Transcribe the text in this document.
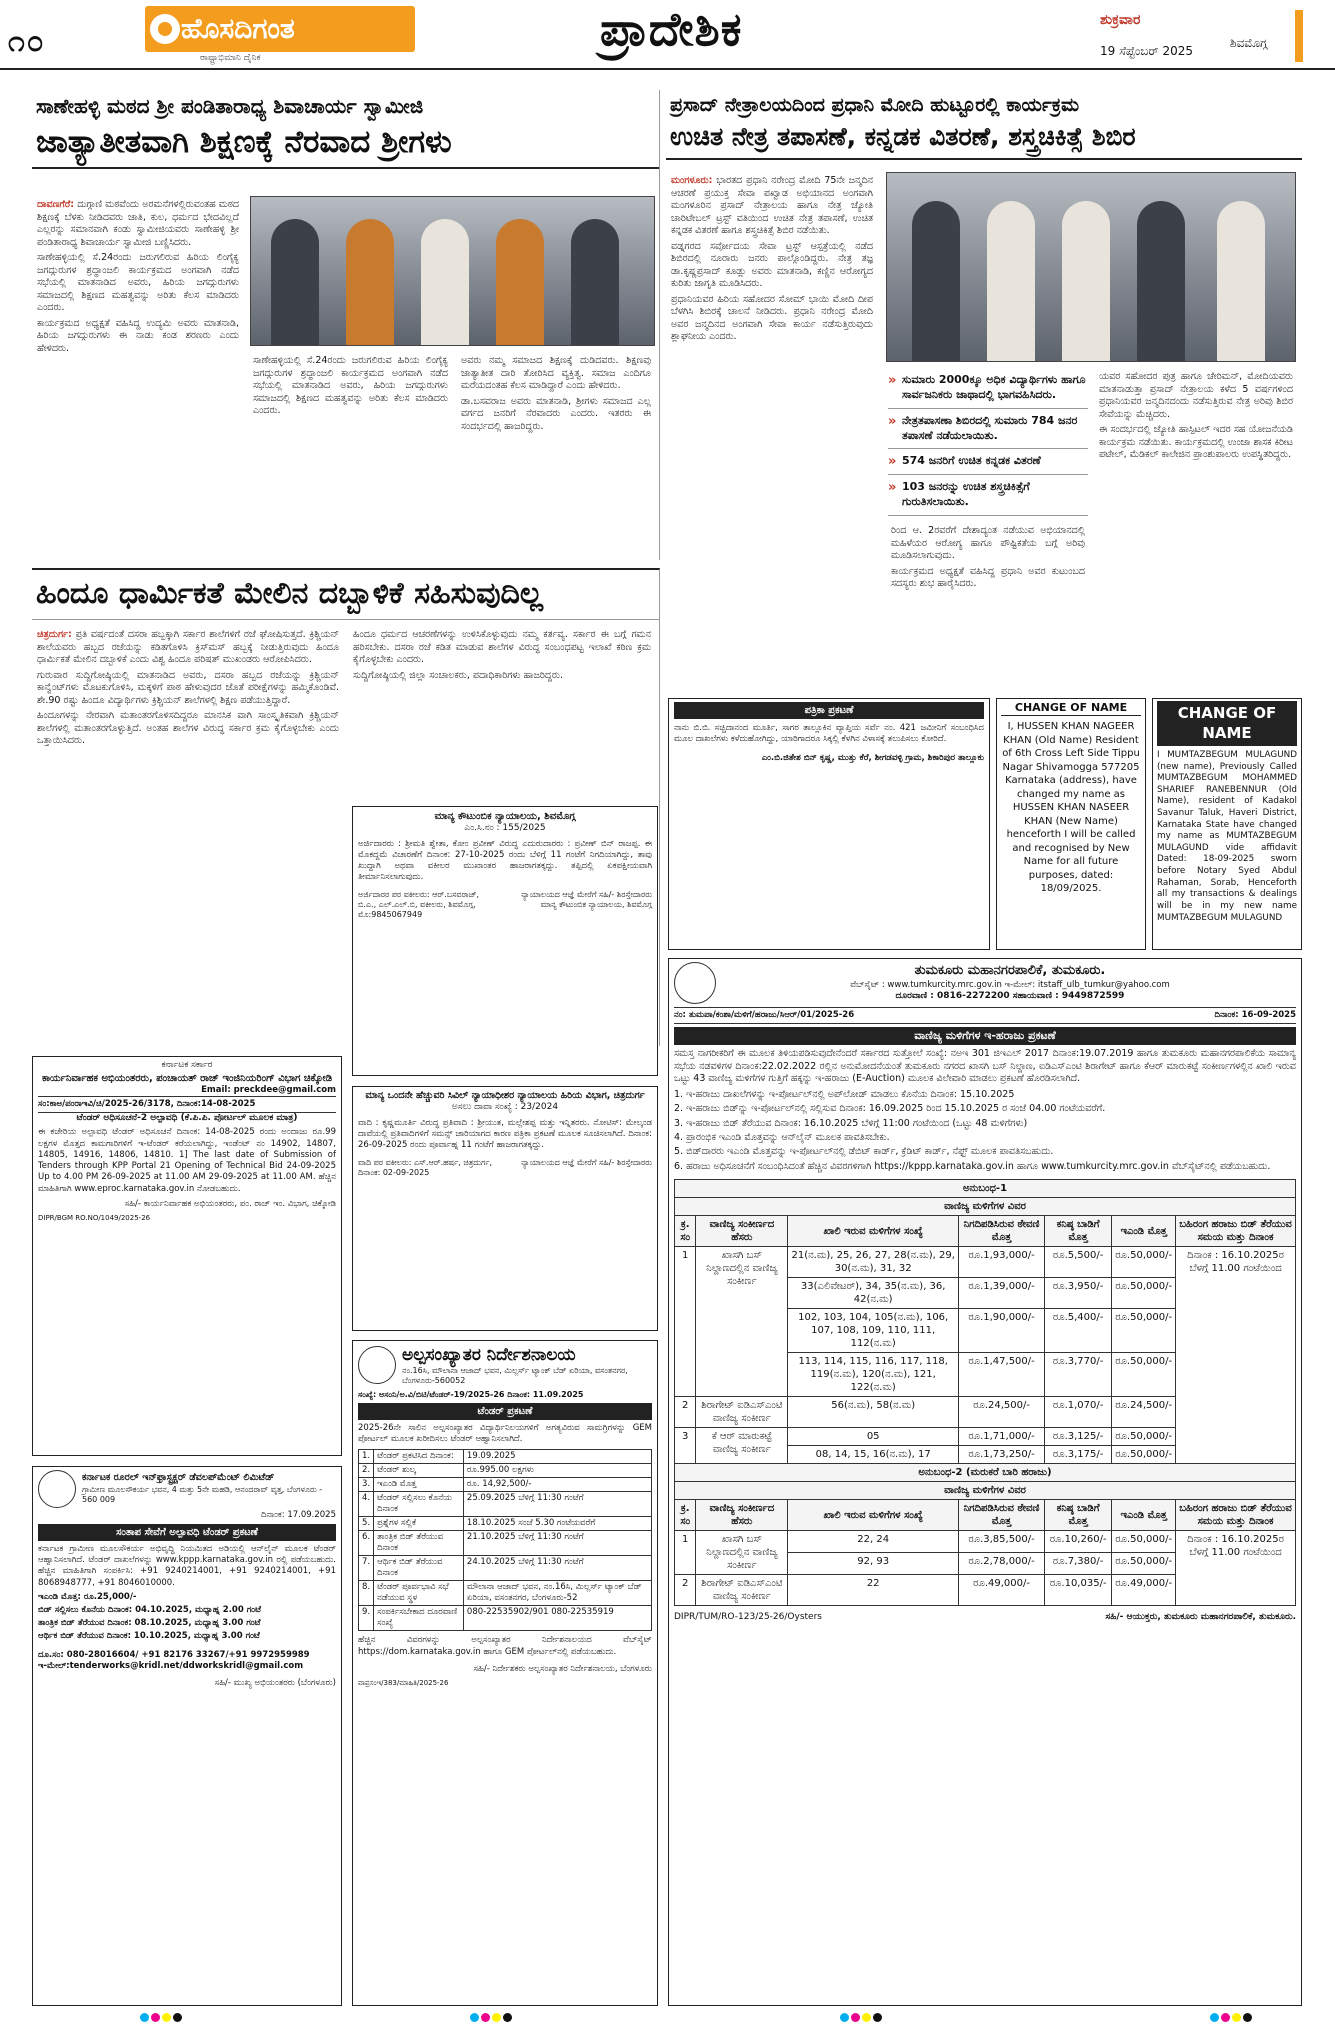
೧೦	ಹೊಸದಿಗಂತ
ರಾಷ್ಟ್ರಾಭಿಮಾನಿ ದೈನಿಕ
ಪ್ರಾದೇಶಿಕ	ಶುಕ್ರವಾರ
19 ಸೆಪ್ಟೆಂಬರ್ 2025
ಶಿವಮೊಗ್ಗ
ಸಾಣೇಹಳ್ಳಿ ಮಠದ ಶ್ರೀ ಪಂಡಿತಾರಾಧ್ಯ ಶಿವಾಚಾರ್ಯ ಸ್ವಾಮೀಜಿ
ಜಾತ್ಯಾತೀತವಾಗಿ ಶಿಕ್ಷಣಕ್ಕೆ ನೆರವಾದ ಶ್ರೀಗಳು

ದಾವಣಗೆರೆ: ದುಗ್ಗಾಣಿ ಮಠವೆಂದು ಅರಮನೆಗಳಲ್ಲಿರುವಂತಹ ಮಠದ ಶಿಕ್ಷಣಕ್ಕೆ ಬೆಳಕು ನೀಡಿದವರು ಜಾತಿ, ಕುಲ, ಧರ್ಮದ ಭೇದವಿಲ್ಲದೆ ಎಲ್ಲರನ್ನು ಸಮಾನವಾಗಿ ಕಂಡು ಸ್ವಾಮೀಜಿಯವರು ಸಾಣೇಹಳ್ಳಿ ಶ್ರೀ ಪಂಡಿತಾರಾಧ್ಯ ಶಿವಾಚಾರ್ಯ ಸ್ವಾಮೀಜಿ ಬಣ್ಣಿಸಿದರು.

ಸಾಣೇಹಳ್ಳಿಯಲ್ಲಿ ಸೆ.24ರಂದು ಜರುಗಲಿರುವ ಹಿರಿಯ ಲಿಂಗೈಕ್ಯ ಜಗದ್ಗುರುಗಳ ಶ್ರದ್ಧಾಂಜಲಿ ಕಾರ್ಯಕ್ರಮದ ಅಂಗವಾಗಿ ನಡೆದ ಸಭೆಯಲ್ಲಿ ಮಾತನಾಡಿದ ಅವರು, ಹಿರಿಯ ಜಗದ್ಗುರುಗಳು ಸಮಾಜದಲ್ಲಿ ಶಿಕ್ಷಣದ ಮಹತ್ವವನ್ನು ಅರಿತು ಕೆಲಸ ಮಾಡಿದರು ಎಂದರು.

ಕಾರ್ಯಕ್ರಮದ ಅಧ್ಯಕ್ಷತೆ ವಹಿಸಿದ್ದ ಉದ್ಯಮಿ ಅವರು ಮಾತನಾಡಿ, ಹಿರಿಯ ಜಗದ್ಗುರುಗಳು ಈ ನಾಡು ಕಂಡ ಶರಣರು ಎಂದು ಹೇಳಿದರು.

ಸಾಣೇಹಳ್ಳಿಯಲ್ಲಿ ಸೆ.24ರಂದು ಜರುಗಲಿರುವ ಹಿರಿಯ ಲಿಂಗೈಕ್ಯ ಜಗದ್ಗುರುಗಳ ಶ್ರದ್ಧಾಂಜಲಿ ಕಾರ್ಯಕ್ರಮದ ಅಂಗವಾಗಿ ನಡೆದ ಸಭೆಯಲ್ಲಿ ಮಾತನಾಡಿದ ಅವರು, ಹಿರಿಯ ಜಗದ್ಗುರುಗಳು ಸಮಾಜದಲ್ಲಿ ಶಿಕ್ಷಣದ ಮಹತ್ವವನ್ನು ಅರಿತು ಕೆಲಸ ಮಾಡಿದರು ಎಂದರು.

ಅವರು ನಮ್ಮ ಸಮಾಜದ ಶಿಕ್ಷಣಕ್ಕೆ ದುಡಿದವರು. ಶಿಕ್ಷಣವು ಜಾತ್ಯಾತೀತ ದಾರಿ ತೋರಿಸಿದ ವ್ಯಕ್ತಿತ್ವ. ಸಮಾಜ ಎಂದಿಗೂ ಮರೆಯದಂತಹ ಕೆಲಸ ಮಾಡಿದ್ದಾರೆ ಎಂದು ಹೇಳಿದರು.

ಡಾ.ಬಸವರಾಜ ಅವರು ಮಾತನಾಡಿ, ಶ್ರೀಗಳು ಸಮಾಜದ ಎಲ್ಲ ವರ್ಗದ ಜನರಿಗೆ ನೆರವಾದರು ಎಂದರು. ಇತರರು ಈ ಸಂದರ್ಭದಲ್ಲಿ ಹಾಜರಿದ್ದರು.

ಪ್ರಸಾದ್ ನೇತ್ರಾಲಯದಿಂದ ಪ್ರಧಾನಿ ಮೋದಿ ಹುಟ್ಟೂರಲ್ಲಿ ಕಾರ್ಯಕ್ರಮ
ಉಚಿತ ನೇತ್ರ ತಪಾಸಣೆ, ಕನ್ನಡಕ ವಿತರಣೆ, ಶಸ್ತ್ರಚಿಕಿತ್ಸೆ ಶಿಬಿರ

ಮಂಗಳೂರು: ಭಾರತದ ಪ್ರಧಾನಿ ನರೇಂದ್ರ ಮೋದಿ 75ನೇ ಜನ್ಮದಿನ ಆಚರಣೆ ಪ್ರಯುಕ್ತ ಸೇವಾ ಪಖ್ವಾಡ ಅಭಿಯಾನದ ಅಂಗವಾಗಿ ಮಂಗಳೂರಿನ ಪ್ರಸಾದ್ ನೇತ್ರಾಲಯ ಹಾಗೂ ನೇತ್ರ ಜ್ಯೋತಿ ಚಾರಿಟೇಬಲ್ ಟ್ರಸ್ಟ್ ವತಿಯಿಂದ ಉಚಿತ ನೇತ್ರ ತಪಾಸಣೆ, ಉಚಿತ ಕನ್ನಡಕ ವಿತರಣೆ ಹಾಗೂ ಶಸ್ತ್ರಚಿಕಿತ್ಸೆ ಶಿಬಿರ ನಡೆಯಿತು.

ವಡ್ನಗರದ ಸರ್ವೋದಯ ಸೇವಾ ಟ್ರಸ್ಟ್ ಆಸ್ಪತ್ರೆಯಲ್ಲಿ ನಡೆದ ಶಿಬಿರದಲ್ಲಿ ನೂರಾರು ಜನರು ಪಾಲ್ಗೊಂಡಿದ್ದರು. ನೇತ್ರ ತಜ್ಞ ಡಾ.ಕೃಷ್ಣಪ್ರಸಾದ್ ಕೂಡ್ಲು ಅವರು ಮಾತನಾಡಿ, ಕಣ್ಣಿನ ಆರೋಗ್ಯದ ಕುರಿತು ಜಾಗೃತಿ ಮೂಡಿಸಿದರು.

ಪ್ರಧಾನಿಯವರ ಹಿರಿಯ ಸಹೋದರ ಸೋಮ್ ಭಾಯಿ ಮೋದಿ ದೀಪ ಬೆಳಗಿಸಿ ಶಿಬಿರಕ್ಕೆ ಚಾಲನೆ ನೀಡಿದರು. ಪ್ರಧಾನಿ ನರೇಂದ್ರ ಮೋದಿ ಅವರ ಜನ್ಮದಿನದ ಅಂಗವಾಗಿ ಸೇವಾ ಕಾರ್ಯ ನಡೆಸುತ್ತಿರುವುದು ಶ್ಲಾಘನೀಯ ಎಂದರು.

» ಸುಮಾರು 2000ಕ್ಕೂ ಅಧಿಕ ವಿದ್ಯಾರ್ಥಿಗಳು ಹಾಗೂ ಸಾರ್ವಜನಿಕರು ಜಾಥಾದಲ್ಲಿ ಭಾಗವಹಿಸಿದರು.
» ನೇತ್ರತಪಾಸಣಾ ಶಿಬಿರದಲ್ಲಿ ಸುಮಾರು 784 ಜನರ ತಪಾಸಣೆ ನಡೆಯಲಾಯಿತು.
» 574 ಜನರಿಗೆ ಉಚಿತ ಕನ್ನಡಕ ವಿತರಣೆ
» 103 ಜನರನ್ನು ಉಚಿತ ಶಸ್ತ್ರಚಿಕಿತ್ಸೆಗೆ ಗುರುತಿಸಲಾಯಿತು.

ಯವರ ಸಹೋದರ ಪುತ್ರ ಹಾಗೂ ಚೇರಿಮನ್, ಮೋದಿಯವರು ಮಾತನಾಡುತ್ತಾ ಪ್ರಸಾದ್ ನೇತ್ರಾಲಯ ಕಳೆದ 5 ವರ್ಷಗಳಿಂದ ಪ್ರಧಾನಿಯವರ ಜನ್ಮದಿನದಂದು ನಡೆಸುತ್ತಿರುವ ನೇತ್ರ ಅರಿವು ಶಿಬಿರ ಸೇವೆಯನ್ನು ಮೆಚ್ಚಿದರು.

ಈ ಸಂದರ್ಭದಲ್ಲಿ ಜ್ಯೋತಿ ಹಾಸ್ಪಿಟಲ್ ಇದರ ಸಹ ಯೋಜನೆಯಡಿ ಕಾರ್ಯಕ್ರಮ ನಡೆಯಿತು. ಕಾರ್ಯಕ್ರಮದಲ್ಲಿ ಉಂಜಾ ಶಾಸಕ ಕಿರೀಟ ಪಟೇಲ್, ಮೆಡಿಕಲ್ ಕಾಲೇಜಿನ ಪ್ರಾಂಶುಪಾಲರು ಉಪಸ್ಥಿತರಿದ್ದರು.

ರಿಂದ ಆ. 2ರವರೆಗೆ ದೇಶಾದ್ಯಂತ ನಡೆಯುವ ಅಭಿಯಾನದಲ್ಲಿ ಮಹಿಳೆಯರ ಆರೋಗ್ಯ ಹಾಗೂ ಪೌಷ್ಟಿಕತೆಯ ಬಗ್ಗೆ ಅರಿವು ಮೂಡಿಸಲಾಗುವುದು.

ಕಾರ್ಯಕ್ರಮದ ಅಧ್ಯಕ್ಷತೆ ವಹಿಸಿದ್ದ ಪ್ರಧಾನಿ ಅವರ ಕುಟುಂಬದ ಸದಸ್ಯರು ಶುಭ ಹಾರೈಸಿದರು.

ಹಿಂದೂ ಧಾರ್ಮಿಕತೆ ಮೇಲಿನ ದಬ್ಬಾಳಿಕೆ ಸಹಿಸುವುದಿಲ್ಲ

ಚಿತ್ರದುರ್ಗ: ಪ್ರತಿ ವರ್ಷದಂತೆ ದಸರಾ ಹಬ್ಬಕ್ಕಾಗಿ ಸರ್ಕಾರ ಶಾಲೆಗಳಿಗೆ ರಜೆ ಘೋಷಿಸುತ್ತದೆ. ಕ್ರಿಶ್ಚಿಯನ್ ಶಾಲೆಯವರು ಹಬ್ಬದ ರಜೆಯನ್ನು ಕಡಿತಗೊಳಿಸಿ ಕ್ರಿಸ್‌ಮಸ್ ಹಬ್ಬಕ್ಕೆ ನೀಡುತ್ತಿರುವುದು ಹಿಂದೂ ಧಾರ್ಮಿಕತೆ ಮೇಲಿನ ದಬ್ಬಾಳಿಕೆ ಎಂದು ವಿಶ್ವ ಹಿಂದೂ ಪರಿಷತ್ ಮುಖಂಡರು ಆರೋಪಿಸಿದರು.

ಗುರುವಾರ ಸುದ್ದಿಗೋಷ್ಠಿಯಲ್ಲಿ ಮಾತನಾಡಿದ ಅವರು, ದಸರಾ ಹಬ್ಬದ ರಜೆಯನ್ನು ಕ್ರಿಶ್ಚಿಯನ್ ಕಾನ್ವೆಂಟ್‌ಗಳು ಮೊಟಕುಗೊಳಿಸಿ, ಮಕ್ಕಳಿಗೆ ಪಾಠ ಹೇಳುವುದರ ಜೊತೆ ಪರೀಕ್ಷೆಗಳನ್ನು ಹಮ್ಮಿಕೊಂಡಿವೆ. ಶೇ.90 ರಷ್ಟು ಹಿಂದೂ ವಿದ್ಯಾರ್ಥಿಗಳು ಕ್ರಿಶ್ಚಿಯನ್ ಶಾಲೆಗಳಲ್ಲಿ ಶಿಕ್ಷಣ ಪಡೆಯುತ್ತಿದ್ದಾರೆ.

ಹಿಂದೂಗಳನ್ನು ನೇರವಾಗಿ ಮತಾಂತರಗೊಳಿಸದಿದ್ದರೂ ಮಾನಸಿಕ ವಾಗಿ ಸಾಂಸ್ಕೃತಿಕವಾಗಿ ಕ್ರಿಶ್ಚಿಯನ್ ಶಾಲೆಗಳಲ್ಲಿ ಮತಾಂತರಗೊಳ್ಳುತ್ತಿದೆ. ಅಂತಹ ಶಾಲೆಗಳ ವಿರುದ್ಧ ಸರ್ಕಾರ ಕ್ರಮ ಕೈಗೊಳ್ಳಬೇಕು ಎಂದು ಒತ್ತಾಯಿಸಿದರು.

ಹಿಂದೂ ಧರ್ಮದ ಆಚರಣೆಗಳನ್ನು ಉಳಿಸಿಕೊಳ್ಳುವುದು ನಮ್ಮ ಕರ್ತವ್ಯ. ಸರ್ಕಾರ ಈ ಬಗ್ಗೆ ಗಮನ ಹರಿಸಬೇಕು. ದಸರಾ ರಜೆ ಕಡಿತ ಮಾಡುವ ಶಾಲೆಗಳ ವಿರುದ್ಧ ಸಂಬಂಧಪಟ್ಟ ಇಲಾಖೆ ಕಠಿಣ ಕ್ರಮ ಕೈಗೊಳ್ಳಬೇಕು ಎಂದರು.

ಸುದ್ದಿಗೋಷ್ಠಿಯಲ್ಲಿ ಜಿಲ್ಲಾ ಸಂಚಾಲಕರು, ಪದಾಧಿಕಾರಿಗಳು ಹಾಜರಿದ್ದರು.

ಮಾನ್ಯ ಕೌಟುಂಬಿಕ ನ್ಯಾಯಾಲಯ, ಶಿವಮೊಗ್ಗ
ಎಂ.ಸಿ.ನಂ : 155/2025

ಅರ್ಜಿದಾರರು : ಶ್ರೀಮತಿ ಶ್ವೇತಾ, ಕೋಂ ಪ್ರವೀಣ್ ವಿರುದ್ಧ ಎದುರುದಾರರು : ಪ್ರವೀಣ್ ಬಿನ್ ರಾಜಪ್ಪ. ಈ ಮೊಕದ್ದಮೆ ವಿಚಾರಣೆಗೆ ದಿನಾಂಕ: 27-10-2025 ರಂದು ಬೆಳಿಗ್ಗೆ 11 ಗಂಟೆಗೆ ನಿಗದಿಯಾಗಿದ್ದು, ತಾವು ಖುದ್ದಾಗಿ ಅಥವಾ ವಕೀಲರ ಮುಖಾಂತರ ಹಾಜರಾಗತಕ್ಕದ್ದು. ತಪ್ಪಿದಲ್ಲಿ ಏಕಪಕ್ಷೀಯವಾಗಿ ತೀರ್ಮಾನಿಸಲಾಗುವುದು.

ಅರ್ಜಿದಾರರ ಪರ ವಕೀಲರು: ಆರ್.ಬಸವರಾಜ್, ಬಿ.ಎ., ಎಲ್.ಎಲ್.ಬಿ, ವಕೀಲರು, ಶಿವಮೊಗ್ಗ, ಮೊ:9845067949
ನ್ಯಾಯಾಲಯದ ಆಜ್ಞೆ ಮೇರೆಗೆ ಸಹಿ/- ಶಿರಸ್ತೇದಾರರು ಮಾನ್ಯ ಕೌಟುಂಬಿಕ ನ್ಯಾಯಾಲಯ, ಶಿವಮೊಗ್ಗ
ಮಾನ್ಯ ಒಂದನೇ ಹೆಚ್ಚುವರಿ ಸಿವಿಲ್ ನ್ಯಾಯಾಧೀಶರ ನ್ಯಾಯಾಲಯ ಹಿರಿಯ ವಿಭಾಗ, ಚಿತ್ರದುರ್ಗ
ಅಸಲು ದಾವಾ ಸಂಖ್ಯೆ : 23/2024

ವಾದಿ : ಕೃಷ್ಣಮೂರ್ತಿ ವಿರುದ್ಧ ಪ್ರತಿವಾದಿ : ಶ್ರೀಯುತ, ಮಲ್ಲೇಶಪ್ಪ ಮತ್ತು ಇನ್ನಿತರರು. ನೋಟಿಸ್: ಮೇಲ್ಕಂಡ ದಾವೆಯಲ್ಲಿ ಪ್ರತಿವಾದಿಗಳಿಗೆ ಸಮನ್ಸ್ ಜಾರಿಯಾಗದ ಕಾರಣ ಪತ್ರಿಕಾ ಪ್ರಕಟಣೆ ಮೂಲಕ ಸೂಚಿಸಲಾಗಿದೆ. ದಿನಾಂಕ: 26-09-2025 ರಂದು ಪೂರ್ವಾಹ್ನ 11 ಗಂಟೆಗೆ ಹಾಜರಾಗತಕ್ಕದ್ದು.

ವಾದಿ ಪರ ವಕೀಲರು: ಎಸ್.ಆರ್.ಹರ್ಷ, ಚಿತ್ರದುರ್ಗ, ದಿನಾಂಕ: 02-09-2025
ನ್ಯಾಯಾಲಯದ ಆಜ್ಞೆ ಮೇರೆಗೆ ಸಹಿ/- ಶಿರಸ್ತೇದಾರರು
ಕರ್ನಾಟಕ ಸರ್ಕಾರ
ಕಾರ್ಯನಿರ್ವಾಹಕ ಅಭಿಯಂತರರು, ಪಂಚಾಯತ್ ರಾಜ್ ಇಂಜಿನಿಯರಿಂಗ್ ವಿಭಾಗ ಚಿಕ್ಕೋಡಿ
Email: preckdee@gmail.com
ಸಂ:ಕಾಅ/ಪಂರಾಇವಿ/ಚಿ/2025-26/3178, ದಿನಾಂಕ:14-08-2025
ಟೆಂಡರ್ ಅಧಿಸೂಚನೆ-2 ಅಲ್ಪಾವಧಿ (ಕೆ.ಪಿ.ಪಿ. ಪೋರ್ಟಲ್ ಮೂಲಕ ಮಾತ್ರ)

ಈ ಕಚೇರಿಯ ಅಲ್ಪಾವಧಿ ಟೆಂಡರ್ ಅಧಿಸೂಚನೆ ದಿನಾಂಕ: 14-08-2025 ರಂದು ಅಂದಾಜು ರೂ.99 ಲಕ್ಷಗಳ ಮೊತ್ತದ ಕಾಮಗಾರಿಗಳಿಗೆ ಇ-ಟೆಂಡರ್ ಕರೆಯಲಾಗಿದ್ದು, ಇಂಡೆಂಟ್ ನಂ 14902, 14807, 14805, 14916, 14806, 14810. 1] The last date of Submission of Tenders through KPP Portal 21 Opening of Technical Bid 24-09-2025 Up to 4.00 PM 26-09-2025 at 11.00 AM 29-09-2025 at 11.00 AM. ಹೆಚ್ಚಿನ ಮಾಹಿತಿಗಾಗಿ www.eproc.karnataka.gov.in ನೋಡಬಹುದು.

ಸಹಿ/- ಕಾರ್ಯನಿರ್ವಾಹಕ ಅಭಿಯಂತರರು, ಪಂ. ರಾಜ್ ಇಂ. ವಿಭಾಗ, ಚಿಕ್ಕೋಡಿ
DIPR/BGM RO.NO/1049/2025-26
ಕರ್ನಾಟಕ ರೂರಲ್ ಇನ್‌ಫ್ರಾಸ್ಟ್ರಕ್ಚರ್ ಡೆವಲಪ್‌ಮೆಂಟ್ ಲಿಮಿಟೆಡ್
ಗ್ರಾಮೀಣ ಮೂಲಸೌಕರ್ಯ ಭವನ, 4 ಮತ್ತು 5ನೇ ಮಹಡಿ, ಆನಂದರಾವ್ ವೃತ್ತ, ಬೆಂಗಳೂರು - 560 009
ದಿನಾಂಕ: 17.09.2025
ಸಂತಾಪ ಸೇವೆಗೆ ಅಲ್ಪಾವಧಿ ಟೆಂಡರ್ ಪ್ರಕಟಣೆ

ಕರ್ನಾಟಕ ಗ್ರಾಮೀಣ ಮೂಲಸೌಕರ್ಯ ಅಭಿವೃದ್ಧಿ ನಿಯಮಿತದ ಅಡಿಯಲ್ಲಿ ಆನ್‌ಲೈನ್ ಮೂಲಕ ಟೆಂಡರ್ ಆಹ್ವಾನಿಸಲಾಗಿದೆ. ಟೆಂಡರ್ ದಾಖಲೆಗಳನ್ನು www.kppp.karnataka.gov.in ರಲ್ಲಿ ಪಡೆಯಬಹುದು. ಹೆಚ್ಚಿನ ಮಾಹಿತಿಗಾಗಿ ಸಂಪರ್ಕಿಸಿ: +91 9240214001, +91 9240214001, +91 8068948777, +91 8046010000.

ಇಎಂಡಿ ಮೊತ್ತ: ರೂ.25,000/-
ಬಿಡ್ ಸಲ್ಲಿಸಲು ಕೊನೆಯ ದಿನಾಂಕ: 04.10.2025, ಮಧ್ಯಾಹ್ನ 2.00 ಗಂಟೆ
ತಾಂತ್ರಿಕ ಬಿಡ್ ತೆರೆಯುವ ದಿನಾಂಕ: 08.10.2025, ಮಧ್ಯಾಹ್ನ 3.00 ಗಂಟೆ
ಆರ್ಥಿಕ ಬಿಡ್ ತೆರೆಯುವ ದಿನಾಂಕ: 10.10.2025, ಮಧ್ಯಾಹ್ನ 3.00 ಗಂಟೆ
ದೂ.ಸಂ: 080-28016604/ +91 82176 33267/+91 9972959989
ಇ-ಮೇಲ್:tenderworks@kridl.net/ddworkskridl@gmail.com
ಸಹಿ/- ಮುಖ್ಯ ಅಭಿಯಂತರರು (ಬೆಂಗಳೂರು)
ಅಲ್ಪಸಂಖ್ಯಾತರ ನಿರ್ದೇಶನಾಲಯ
ನಂ.16ಸಿ, ಮೌಲಾನಾ ಆಜಾದ್ ಭವನ, ಮಿಲ್ಲರ್ಸ್ ಟ್ಯಾಂಕ್ ಬೆಡ್ ಏರಿಯಾ, ವಸಂತನಗರ, ಬೆಂಗಳೂರು-560052
ಸಂಖ್ಯೆ: ಅಸಂನಿ/ಅ.ವಿ/ಬಿಟಿ/ಟೆಂಡರ್-19/2025-26 ದಿನಾಂಕ: 11.09.2025
ಟೆಂಡರ್ ಪ್ರಕಟಣೆ

2025-26ನೇ ಸಾಲಿನ ಅಲ್ಪಸಂಖ್ಯಾತರ ವಿದ್ಯಾರ್ಥಿನಿಲಯಗಳಿಗೆ ಅಗತ್ಯವಿರುವ ಸಾಮಗ್ರಿಗಳನ್ನು GEM ಪೋರ್ಟಲ್ ಮೂಲಕ ಖರೀದಿಸಲು ಟೆಂಡರ್ ಆಹ್ವಾನಿಸಲಾಗಿದೆ.

1.	ಟೆಂಡರ್ ಪ್ರಕಟಿಸಿದ ದಿನಾಂಕ:	19.09.2025
2.	ಟೆಂಡರ್ ಶುಲ್ಕ	ರೂ.995.00 ಲಕ್ಷಗಳು
3.	ಇಎಂಡಿ ಮೊತ್ತ	ರೂ. 14,92,500/-
4.	ಟೆಂಡರ್ ಸಲ್ಲಿಸಲು ಕೊನೆಯ ದಿನಾಂಕ	25.09.2025 ಬೆಳಿಗ್ಗೆ 11:30 ಗಂಟೆಗೆ
5.	ಪ್ರಶ್ನೆಗಳ ಸಲ್ಲಿಕೆ	18.10.2025 ಸಂಜೆ 5.30 ಗಂಟೆಯವರೆಗೆ
6.	ತಾಂತ್ರಿಕ ಬಿಡ್ ತೆರೆಯುವ ದಿನಾಂಕ	21.10.2025 ಬೆಳಿಗ್ಗೆ 11:30 ಗಂಟೆಗೆ
7.	ಆರ್ಥಿಕ ಬಿಡ್ ತೆರೆಯುವ ದಿನಾಂಕ	24.10.2025 ಬೆಳಿಗ್ಗೆ 11:30 ಗಂಟೆಗೆ
8.	ಟೆಂಡರ್ ಪೂರ್ವಭಾವಿ ಸಭೆ ನಡೆಯುವ ಸ್ಥಳ	ಮೌಲಾನಾ ಆಜಾದ್ ಭವನ, ನಂ.16ಸಿ, ಮಿಲ್ಲರ್ಸ್ ಟ್ಯಾಂಕ್ ಬೆಡ್ ಏರಿಯಾ, ವಸಂತನಗರ, ಬೆಂಗಳೂರು-52
9.	ಸಂಪರ್ಕಿಸಬೇಕಾದ ದೂರವಾಣಿ ಸಂಖ್ಯೆ	080-22535902/901 080-22535919

ಹೆಚ್ಚಿನ ವಿವರಗಳನ್ನು ಅಲ್ಪಸಂಖ್ಯಾತರ ನಿರ್ದೇಶನಾಲಯದ ವೆಬ್‌ಸೈಟ್ https://dom.karnataka.gov.in ಹಾಗೂ GEM ಪೋರ್ಟಲ್‌ನಲ್ಲಿ ಪಡೆಯಬಹುದು.

ಸಹಿ/- ನಿರ್ದೇಶಕರು ಅಲ್ಪಸಂಖ್ಯಾತರ ನಿರ್ದೇಶನಾಲಯ, ಬೆಂಗಳೂರು
ವಾಪ್ರಸಂಇ/383/ಮಾಹಿತಿ/2025-26
ಪತ್ರಿಕಾ ಪ್ರಕಟಣೆ

ನಾನು ಬಿ.ಬಿ. ಸಚ್ಚಿದಾನಂದ ಮೂರ್ತಿ, ಸಾಗರ ತಾಲ್ಲೂಕಿನ ವ್ಯಾಪ್ತಿಯ ಸರ್ವೆ ನಂ. 421 ಜಮೀನಿಗೆ ಸಂಬಂಧಿಸಿದ ಮೂಲ ದಾಖಲೆಗಳು ಕಳೆದುಹೋಗಿದ್ದು, ಯಾರಿಗಾದರೂ ಸಿಕ್ಕಲ್ಲಿ ಕೆಳಗಿನ ವಿಳಾಸಕ್ಕೆ ತಲುಪಿಸಲು ಕೋರಿದೆ.

ಎಂ.ಬಿ.ಜಿತೇಶ ಬಿನ್ ಕೃಷ್ಣ, ಮುತ್ತು ಕೆರೆ, ಶೀಗಡವಳ್ಳಿ ಗ್ರಾಮ, ಶಿಕಾರಿಪುರ ತಾಲ್ಲೂಕು
CHANGE OF NAME

I, HUSSEN KHAN NAGEER KHAN (Old Name) Resident of 6th Cross Left Side Tippu Nagar Shivamogga 577205 Karnataka (address), have changed my name as HUSSEN KHAN NASEER KHAN (New Name) henceforth I will be called and recognised by New Name for all future purposes, dated: 18/09/2025.

CHANGE OF NAME

I MUMTAZBEGUM MULAGUND (new name), Previously Called MUMTAZBEGUM MOHAMMED SHARIEF RANEBENNUR (Old Name), resident of Kadakol Savanur Taluk, Haveri District, Karnataka State have changed my name as MUMTAZBEGUM MULAGUND vide affidavit Dated: 18-09-2025 sworn before Notary Syed Abdul Rahaman, Sorab, Henceforth all my transactions & dealings will be in my new name MUMTAZBEGUM MULAGUND

ತುಮಕೂರು ಮಹಾನಗರಪಾಲಿಕೆ, ತುಮಕೂರು.
ವೆಬ್‌ಸೈಟ್ : www.tumkurcity.mrc.gov.in ಇ-ಮೇಲ್: itstaff_ulb_tumkur@yahoo.com
ದೂರವಾಣಿ : 0816-2272200 ಸಹಾಯವಾಣಿ : 9449872599
ನಂ: ತುಮಪಾ/ಕಂಶಾ/ಮಳಿಗೆ/ಹರಾಜು/ಸಿಆರ್/01/2025-26	ದಿನಾಂಕ: 16-09-2025
ವಾಣಿಜ್ಯ ಮಳಿಗೆಗಳ ಇ-ಹರಾಜು ಪ್ರಕಟಣೆ

ಸಮಸ್ತ ನಾಗರೀಕರಿಗೆ ಈ ಮೂಲಕ ತಿಳಿಯಪಡಿಸುವುದೇನೆಂದರೆ ಸರ್ಕಾರದ ಸುತ್ತೋಲೆ ಸಂಖ್ಯೆ: ನಅಇ 301 ಜಿಇಎಲ್ 2017 ದಿನಾಂಕ:19.07.2019 ಹಾಗೂ ತುಮಕೂರು ಮಹಾನಗರಪಾಲಿಕೆಯ ಸಾಮಾನ್ಯ ಸಭೆಯ ನಡವಳಿಗಳ ದಿನಾಂಕ:22.02.2022 ರಲ್ಲಿನ ಅನುಮೋದನೆಯಂತೆ ತುಮಕೂರು ನಗರದ ಖಾಸಗಿ ಬಸ್ ನಿಲ್ದಾಣ, ಐಡಿಎಸ್‌ಎಂಟಿ ಶಿರಾಗೇಟ್ ಹಾಗೂ ಕೆಆರ್ ಮಾರುಕಟ್ಟೆ ಸಂಕೀರ್ಣಗಳಲ್ಲಿನ ಖಾಲಿ ಇರುವ ಒಟ್ಟು 43 ವಾಣಿಜ್ಯ ಮಳಿಗೆಗಳ ಗುತ್ತಿಗೆ ಹಕ್ಕನ್ನು ಇ-ಹರಾಜು (E-Auction) ಮೂಲಕ ವಿಲೇವಾರಿ ಮಾಡಲು ಪ್ರಕಟಣೆ ಹೊರಡಿಸಲಾಗಿದೆ.

1. ಇ-ಹರಾಜು ದಾಖಲೆಗಳನ್ನು ಇ-ಪೋರ್ಟಲ್‌ನಲ್ಲಿ ಅಪ್‌ಲೋಡ್ ಮಾಡಲು ಕೊನೆಯ ದಿನಾಂಕ: 15.10.2025
2. ಇ-ಹರಾಜು ಬಿಡ್‌ನ್ನು ಇ-ಪೋರ್ಟಲ್‌ನಲ್ಲಿ ಸಲ್ಲಿಸುವ ದಿನಾಂಕ: 16.09.2025 ರಿಂದ 15.10.2025 ರ ಸಂಜೆ 04.00 ಗಂಟೆಯವರೆಗೆ.
3. ಇ-ಹರಾಜು ಬಿಡ್ ತೆರೆಯುವ ದಿನಾಂಕ: 16.10.2025 ಬೆಳಿಗ್ಗೆ 11:00 ಗಂಟೆಯಿಂದ (ಒಟ್ಟು 48 ಮಳಿಗೆಗಳು)
4. ಪ್ರಾರಂಭಿಕ ಇಎಂಡಿ ಮೊತ್ತವನ್ನು ಆನ್‌ಲೈನ್ ಮೂಲಕ ಪಾವತಿಸಬೇಕು.
5. ಬಿಡ್‌ದಾರರು ಇಎಂಡಿ ಮೊತ್ತವನ್ನು ಇ-ಪೋರ್ಟಲ್‌ನಲ್ಲಿ ಡೆಬಿಟ್ ಕಾರ್ಡ್, ಕ್ರೆಡಿಟ್ ಕಾರ್ಡ್, ನೆಫ್ಟ್ ಮೂಲಕ ಪಾವತಿಸಬಹುದು.
6. ಹರಾಜು ಅಧಿಸೂಚನೆಗೆ ಸಂಬಂಧಿಸಿದಂತೆ ಹೆಚ್ಚಿನ ವಿವರಗಳಿಗಾಗಿ https://kppp.karnataka.gov.in ಹಾಗೂ www.tumkurcity.mrc.gov.in ವೆಬ್‌ಸೈಟ್‌ನಲ್ಲಿ ಪಡೆಯಬಹುದು.
ಅನುಬಂಧ-1						
ವಾಣಿಜ್ಯ ಮಳಿಗೆಗಳ ವಿವರ						
ಕ್ರ. ಸಂ	ವಾಣಿಜ್ಯ ಸಂಕೀರ್ಣದ ಹೆಸರು	ಖಾಲಿ ಇರುವ ಮಳಿಗೆಗಳ ಸಂಖ್ಯೆ	ನಿಗದಿಪಡಿಸಿರುವ ಠೇವಣಿ ಮೊತ್ತ	ಕನಿಷ್ಠ ಬಾಡಿಗೆ ಮೊತ್ತ	ಇಎಂಡಿ ಮೊತ್ತ	ಬಹಿರಂಗ ಹರಾಜು ಬಿಡ್ ತೆರೆಯುವ ಸಮಯ ಮತ್ತು ದಿನಾಂಕ
1	ಖಾಸಗಿ ಬಸ್ ನಿಲ್ದಾಣದಲ್ಲಿನ ವಾಣಿಜ್ಯ ಸಂಕೀರ್ಣ	21(ನ.ಮ), 25, 26, 27, 28(ನ.ಮ), 29, 30(ನ.ಮ), 31, 32	ರೂ.1,93,000/-	ರೂ.5,500/-	ರೂ.50,000/-	ದಿನಾಂಕ : 16.10.2025ರ ಬೆಳಗ್ಗೆ 11.00 ಗಂಟೆಯಿಂದ
		33(ಎಲಿವೇಟರ್), 34, 35(ನ.ಮ), 36, 42(ನ.ಮ)	ರೂ.1,39,000/-	ರೂ.3,950/-	ರೂ.50,000/-	
		102, 103, 104, 105(ನ.ಮ), 106, 107, 108, 109, 110, 111, 112(ನ.ಮ)	ರೂ.1,90,000/-	ರೂ.5,400/-	ರೂ.50,000/-	
		113, 114, 115, 116, 117, 118, 119(ನ.ಮ), 120(ನ.ಮ), 121, 122(ನ.ಮ)	ರೂ.1,47,500/-	ರೂ.3,770/-	ರೂ.50,000/-	
2	ಶಿರಾಗೇಟ್ ಐಡಿಎಸ್‌ಎಂಟಿ ವಾಣಿಜ್ಯ ಸಂಕೀರ್ಣ	56(ನ.ಮ), 58(ನ.ಮ)	ರೂ.24,500/-	ರೂ.1,070/-	ರೂ.24,500/-	
3	ಕೆ ಆರ್ ಮಾರುಕಟ್ಟೆ ವಾಣಿಜ್ಯ ಸಂಕೀರ್ಣ	05	ರೂ.1,71,000/-	ರೂ.3,125/-	ರೂ.50,000/-	
		08, 14, 15, 16(ನ.ಮ), 17	ರೂ.1,73,250/-	ರೂ.3,175/-	ರೂ.50,000/-	
ಅನುಬಂಧ-2 (ಮರುಕರೆ ಬಾರಿ ಹರಾಜು)						
ವಾಣಿಜ್ಯ ಮಳಿಗೆಗಳ ವಿವರ						
ಕ್ರ. ಸಂ	ವಾಣಿಜ್ಯ ಸಂಕೀರ್ಣದ ಹೆಸರು	ಖಾಲಿ ಇರುವ ಮಳಿಗೆಗಳ ಸಂಖ್ಯೆ	ನಿಗದಿಪಡಿಸಿರುವ ಠೇವಣಿ ಮೊತ್ತ	ಕನಿಷ್ಠ ಬಾಡಿಗೆ ಮೊತ್ತ	ಇಎಂಡಿ ಮೊತ್ತ	ಬಹಿರಂಗ ಹರಾಜು ಬಿಡ್ ತೆರೆಯುವ ಸಮಯ ಮತ್ತು ದಿನಾಂಕ
1	ಖಾಸಗಿ ಬಸ್ ನಿಲ್ದಾಣದಲ್ಲಿನ ವಾಣಿಜ್ಯ ಸಂಕೀರ್ಣ	22, 24	ರೂ.3,85,500/-	ರೂ.10,260/-	ರೂ.50,000/-	ದಿನಾಂಕ : 16.10.2025ರ ಬೆಳಗ್ಗೆ 11.00 ಗಂಟೆಯಿಂದ
		92, 93	ರೂ.2,78,000/-	ರೂ.7,380/-	ರೂ.50,000/-	
2	ಶಿರಾಗೇಟ್ ಐಡಿಎಸ್‌ಎಂಟಿ ವಾಣಿಜ್ಯ ಸಂಕೀರ್ಣ	22	ರೂ.49,000/-	ರೂ.10,035/-	ರೂ.49,000/-	
DIPR/TUM/RO-123/25-26/Oysters	ಸಹಿ/- ಆಯುಕ್ತರು, ತುಮಕೂರು ಮಹಾನಗರಪಾಲಿಕೆ, ತುಮಕೂರು.
